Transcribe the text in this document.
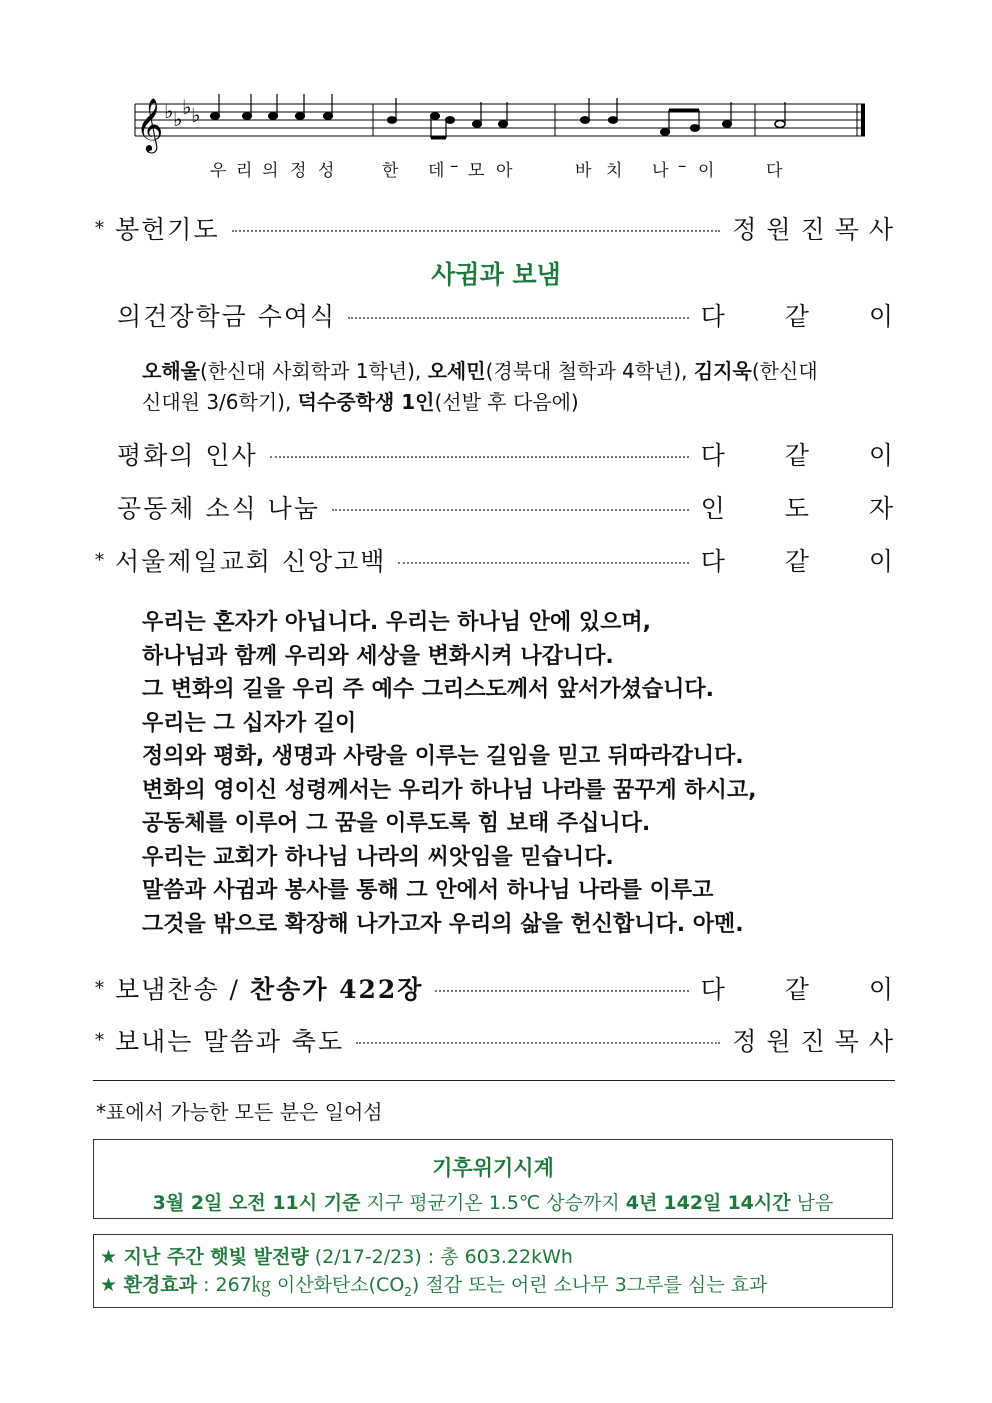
𝄞 ♭ ♭ ♭ ♭
우 리 의 정 성	한 데 – 모 아	바 치 나 – 이	다
* 봉헌기도	정원진목사
사귐과 보냄
의건장학금 수여식	다 같 이
오해울(한신대 사회학과 1학년), 오세민(경북대 철학과 4학년), 김지욱(한신대
신대원 3/6학기), 덕수중학생 1인(선발 후 다음에)
평화의 인사	다 같 이
공동체 소식 나눔	인 도 자
* 서울제일교회 신앙고백	다 같 이
우리는 혼자가 아닙니다. 우리는 하나님 안에 있으며,
하나님과 함께 우리와 세상을 변화시켜 나갑니다.
그 변화의 길을 우리 주 예수 그리스도께서 앞서가셨습니다.
우리는 그 십자가 길이
정의와 평화, 생명과 사랑을 이루는 길임을 믿고 뒤따라갑니다.
변화의 영이신 성령께서는 우리가 하나님 나라를 꿈꾸게 하시고,
공동체를 이루어 그 꿈을 이루도록 힘 보태 주십니다.
우리는 교회가 하나님 나라의 씨앗임을 믿습니다.
말씀과 사귐과 봉사를 통해 그 안에서 하나님 나라를 이루고
그것을 밖으로 확장해 나가고자 우리의 삶을 헌신합니다. 아멘.
* 보냄찬송 / 찬송가 422장	다 같 이
* 보내는 말씀과 축도	정원진목사
*표에서 가능한 모든 분은 일어섬
기후위기시계
3월 2일 오전 11시 기준 지구 평균기온 1.5℃ 상승까지 4년 142일 14시간 남음
★ 지난 주간 햇빛 발전량 (2/17-2/23) : 총 603.22kWh
★ 환경효과 : 267㎏ 이산화탄소$(CO_2)$ 절감 또는 어린 소나무 3그루를 심는 효과
